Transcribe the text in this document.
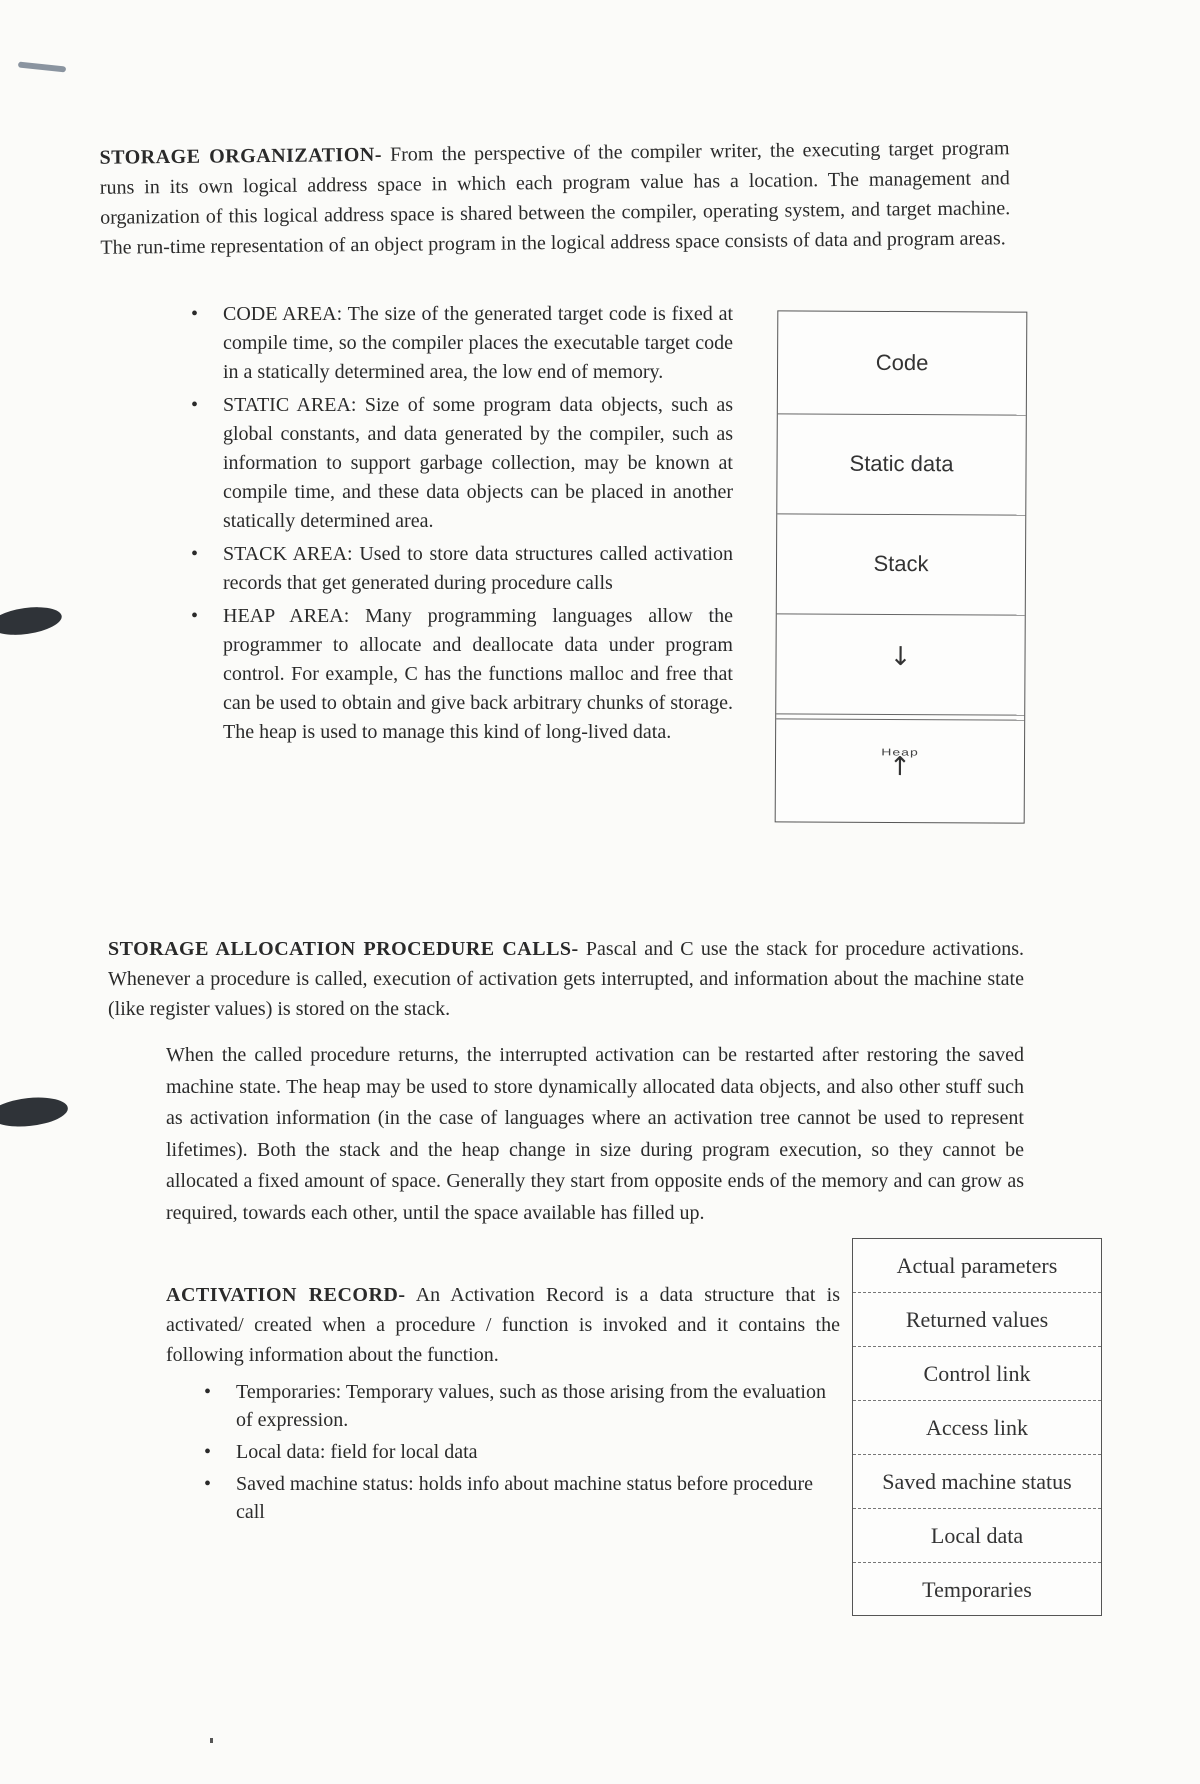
STORAGE ORGANIZATION- From the perspective of the compiler writer, the executing target program runs in its own logical address space in which each program value has a location. The management and organization of this logical address space is shared between the compiler, operating system, and target machine. The run-time representation of an object program in the logical address space consists of data and program areas.

• CODE AREA: The size of the generated target code is fixed at compile time, so the compiler places the executable target code in a statically determined area, the low end of memory.
• STATIC AREA: Size of some program data objects, such as global constants, and data generated by the compiler, such as information to support garbage collection, may be known at compile time, and these data objects can be placed in another statically determined area.
• STACK AREA: Used to store data structures called activation records that get generated during procedure calls
• HEAP AREA: Many programming languages allow the programmer to allocate and deallocate data under program control. For example, C has the functions malloc and free that can be used to obtain and give back arbitrary chunks of storage. The heap is used to manage this kind of long-lived data.
Code
Static data
Stack
↓
↑
Heap

STORAGE ALLOCATION PROCEDURE CALLS- Pascal and C use the stack for procedure activations. Whenever a procedure is called, execution of activation gets interrupted, and information about the machine state (like register values) is stored on the stack.

When the called procedure returns, the interrupted activation can be restarted after restoring the saved machine state. The heap may be used to store dynamically allocated data objects, and also other stuff such as activation information (in the case of languages where an activation tree cannot be used to represent lifetimes). Both the stack and the heap change in size during program execution, so they cannot be allocated a fixed amount of space. Generally they start from opposite ends of the memory and can grow as required, towards each other, until the space available has filled up.

ACTIVATION RECORD- An Activation Record is a data structure that is activated/ created when a procedure / function is invoked and it contains the following information about the function.

• Temporaries: Temporary values, such as those arising from the evaluation of expression.
• Local data: field for local data
• Saved machine status: holds info about machine status before procedure call
Actual parameters
Returned values
Control link
Access link
Saved machine status
Local data
Temporaries
